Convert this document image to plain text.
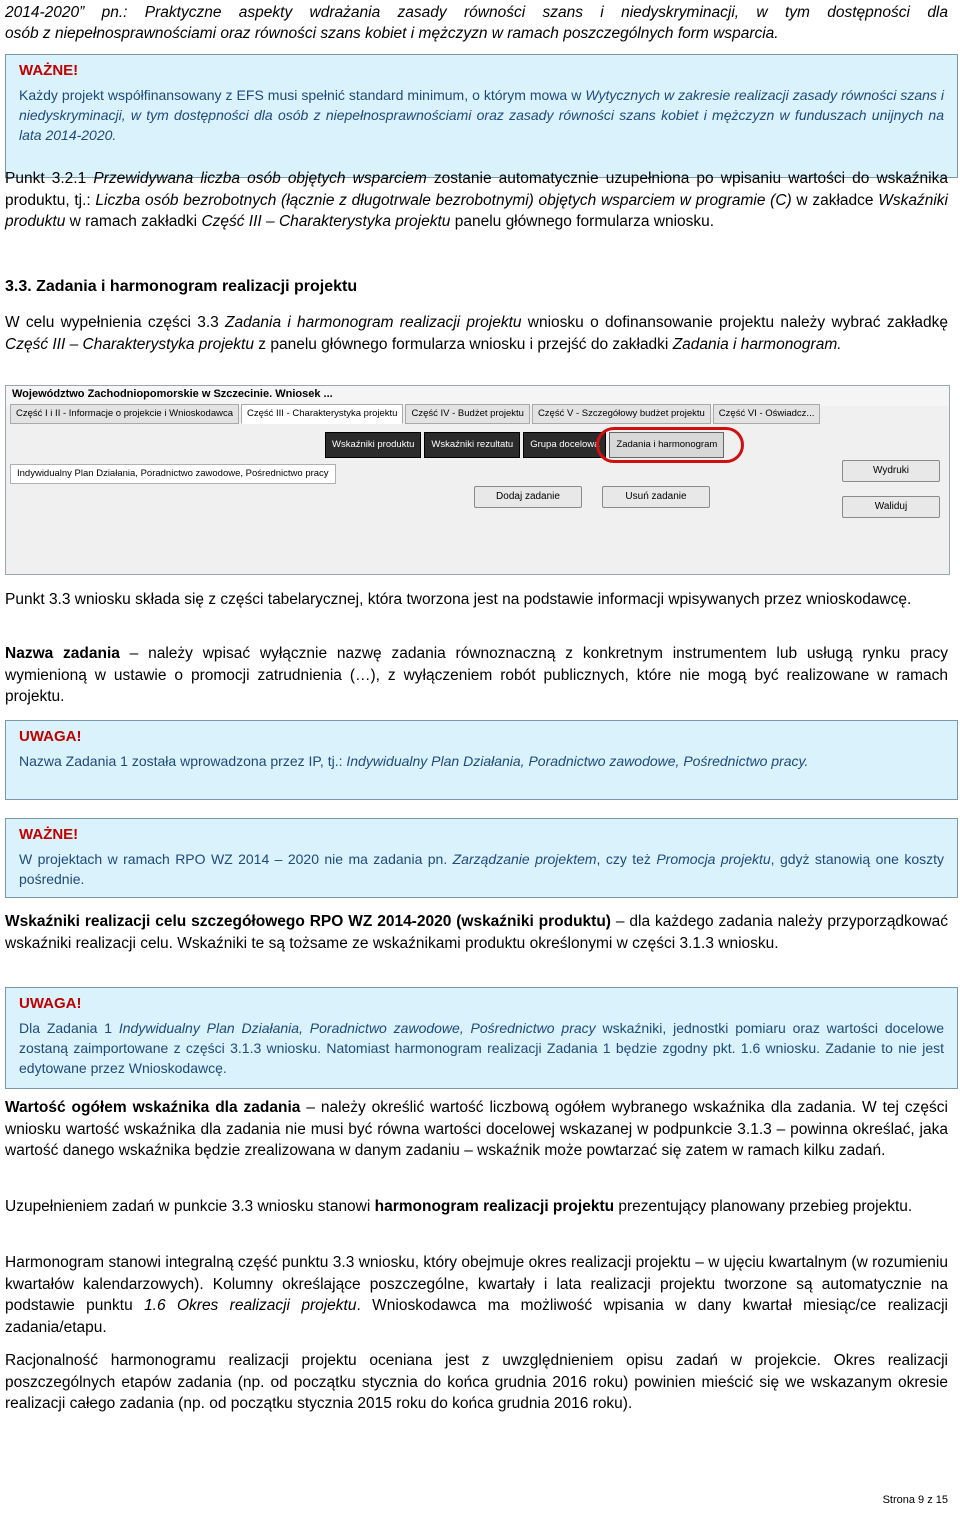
2014-2020” pn.: Praktyczne aspekty wdrażania zasady równości szans i niedyskryminacji, w tym dostępności dla

osób z niepełnosprawnościami oraz równości szans kobiet i mężczyzn w ramach poszczególnych form wsparcia.

WAŻNE!
Każdy projekt współfinansowany z EFS musi spełnić standard minimum, o którym mowa w Wytycznych w zakresie realizacji zasady równości szans i niedyskryminacji, w tym dostępności dla osób z niepełnosprawnościami oraz zasady równości szans kobiet i mężczyzn w funduszach unijnych na lata 2014-2020.

Punkt 3.2.1 Przewidywana liczba osób objętych wsparciem zostanie automatycznie uzupełniona po wpisaniu wartości do wskaźnika produktu, tj.: Liczba osób bezrobotnych (łącznie z długotrwale bezrobotnymi) objętych wsparciem w programie (C) w zakładce Wskaźniki produktu w ramach zakładki Część III – Charakterystyka projektu panelu głównego formularza wniosku.

3.3. Zadania i harmonogram realizacji projektu

W celu wypełnienia części 3.3 Zadania i harmonogram realizacji projektu wniosku o dofinansowanie projektu należy wybrać zakładkę Część III – Charakterystyka projektu z panelu głównego formularza wniosku i przejść do zakładki Zadania i harmonogram.

Województwo Zachodniopomorskie w Szczecinie. Wniosek ...
Część I i II - Informacje o projekcie i Wnioskodawca	Część III - Charakterystyka projektu	Część IV - Budżet projektu	Część V - Szczegółowy budżet projektu	Część VI - Oświadcz...
Wskaźniki produktu	Wskaźniki rezultatu	Grupa docelowa	Zadania i harmonogram
Indywidualny Plan Działania, Poradnictwo zawodowe, Pośrednictwo pracy
Dodaj zadanie	Usuń zadanie
Wydruki
Waliduj

Punkt 3.3 wniosku składa się z części tabelarycznej, która tworzona jest na podstawie informacji wpisywanych przez wnioskodawcę.

Nazwa zadania – należy wpisać wyłącznie nazwę zadania równoznaczną z konkretnym instrumentem lub usługą rynku pracy wymienioną w ustawie o promocji zatrudnienia (…), z wyłączeniem robót publicznych, które nie mogą być realizowane w ramach projektu.

UWAGA!
Nazwa Zadania 1 została wprowadzona przez IP, tj.: Indywidualny Plan Działania, Poradnictwo zawodowe, Pośrednictwo pracy.
WAŻNE!
W projektach w ramach RPO WZ 2014 – 2020 nie ma zadania pn. Zarządzanie projektem, czy też Promocja projektu, gdyż stanowią one koszty pośrednie.

Wskaźniki realizacji celu szczegółowego RPO WZ 2014-2020 (wskaźniki produktu) – dla każdego zadania należy przyporządkować wskaźniki realizacji celu. Wskaźniki te są tożsame ze wskaźnikami produktu określonymi w części 3.1.3 wniosku.

UWAGA!
Dla Zadania 1 Indywidualny Plan Działania, Poradnictwo zawodowe, Pośrednictwo pracy wskaźniki, jednostki pomiaru oraz wartości docelowe zostaną zaimportowane z części 3.1.3 wniosku. Natomiast harmonogram realizacji Zadania 1 będzie zgodny pkt. 1.6 wniosku. Zadanie to nie jest edytowane przez Wnioskodawcę.

Wartość ogółem wskaźnika dla zadania – należy określić wartość liczbową ogółem wybranego wskaźnika dla zadania. W tej części wniosku wartość wskaźnika dla zadania nie musi być równa wartości docelowej wskazanej w podpunkcie 3.1.3 – powinna określać, jaka wartość danego wskaźnika będzie zrealizowana w danym zadaniu – wskaźnik może powtarzać się zatem w ramach kilku zadań.

Uzupełnieniem zadań w punkcie 3.3 wniosku stanowi harmonogram realizacji projektu prezentujący planowany przebieg projektu.

Harmonogram stanowi integralną część punktu 3.3 wniosku, który obejmuje okres realizacji projektu – w ujęciu kwartalnym (w rozumieniu kwartałów kalendarzowych). Kolumny określające poszczególne, kwartały i lata realizacji projektu tworzone są automatycznie na podstawie punktu 1.6 Okres realizacji projektu. Wnioskodawca ma możliwość wpisania w dany kwartał miesiąc/ce realizacji zadania/etapu.

Racjonalność harmonogramu realizacji projektu oceniana jest z uwzględnieniem opisu zadań w projekcie. Okres realizacji poszczególnych etapów zadania (np. od początku stycznia do końca grudnia 2016 roku) powinien mieścić się we wskazanym okresie realizacji całego zadania (np. od początku stycznia 2015 roku do końca grudnia 2016 roku).

Strona 9 z 15
